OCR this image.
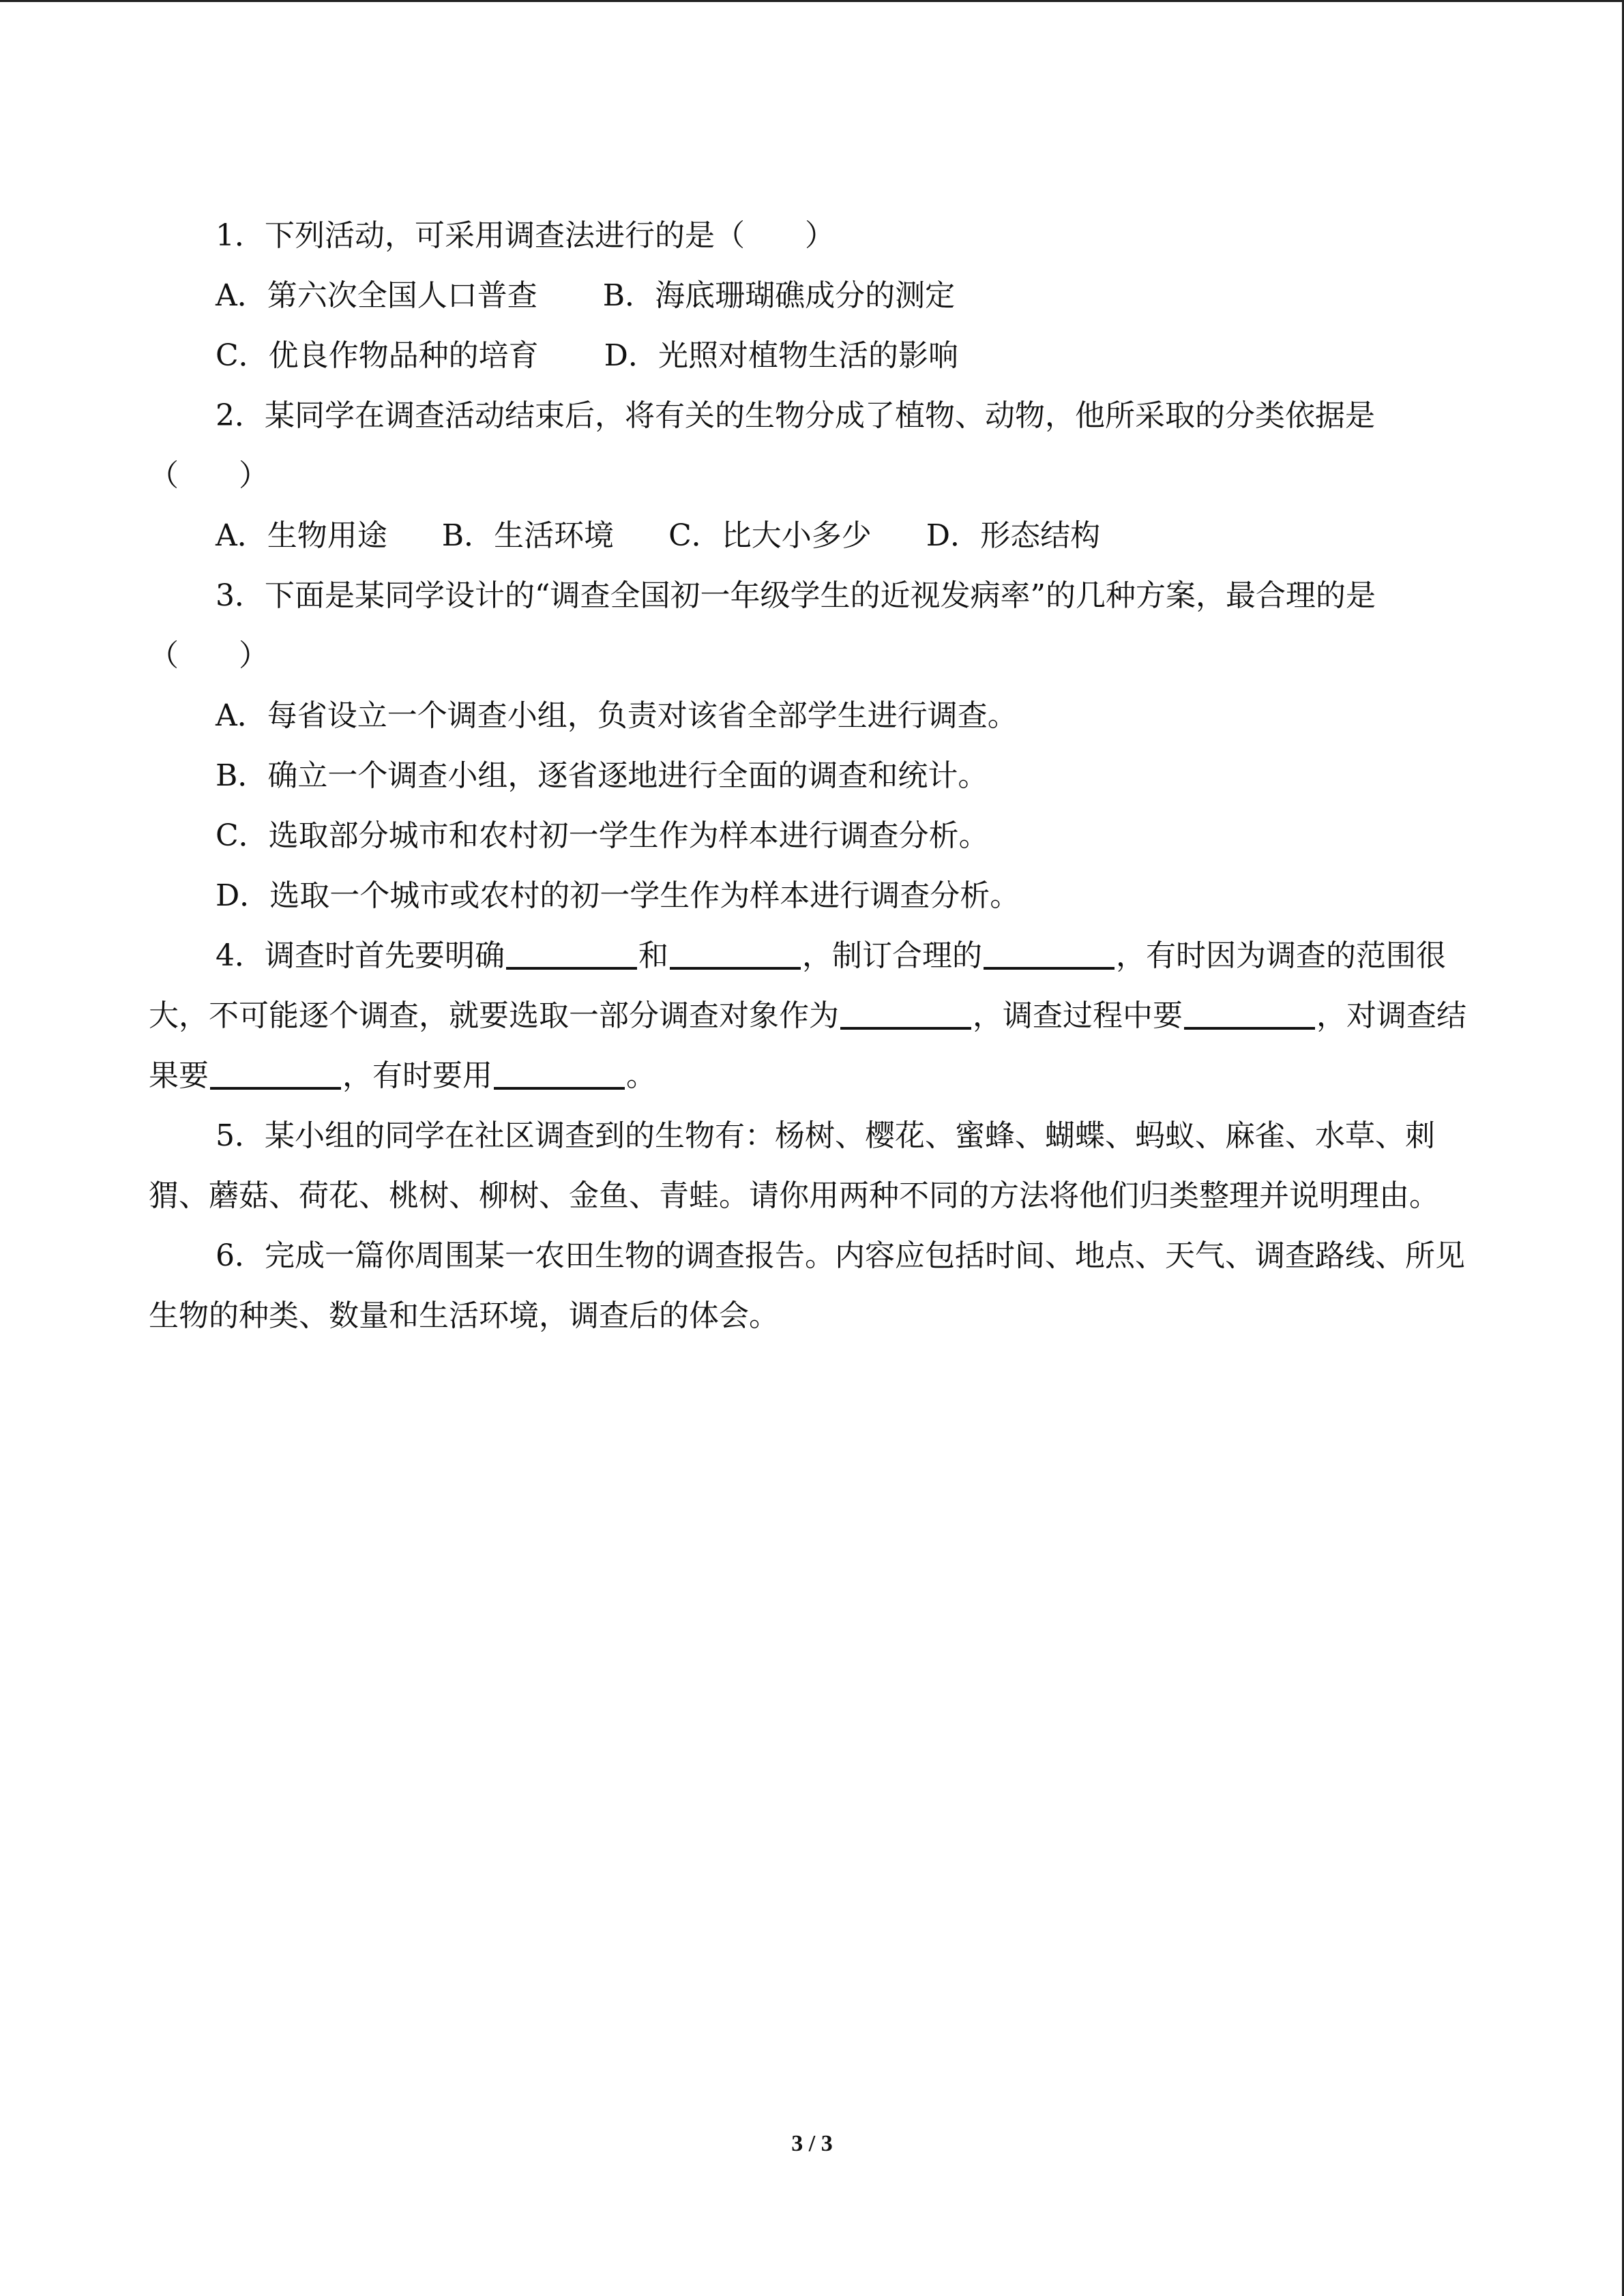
1．下列活动，可采用调查法进行的是（　　）

A．第六次全国人口普查 B．海底珊瑚礁成分的测定

C．优良作物品种的培育 D．光照对植物生活的影响

2．某同学在调查活动结束后，将有关的生物分成了植物、动物，他所采取的分类依据是（　　）

A．生物用途 B．生活环境 C．比大小多少 D．形态结构

3．下面是某同学设计的“调查全国初一年级学生的近视发病率”的几种方案，最合理的是（　　）

A．每省设立一个调查小组，负责对该省全部学生进行调查。

B．确立一个调查小组，逐省逐地进行全面的调查和统计。

C．选取部分城市和农村初一学生作为样本进行调查分析。

D．选取一个城市或农村的初一学生作为样本进行调查分析。

4．调查时首先要明确	和	，制订合理的	，有时因为调查的范围很大，不可能逐个调查，就要选取一部分调查对象作为	，调查过程中要	，对调查结果要	，有时要用	。

5．某小组的同学在社区调查到的生物有：杨树、樱花、蜜蜂、蝴蝶、蚂蚁、麻雀、水草、刺猬、蘑菇、荷花、桃树、柳树、金鱼、青蛙。请你用两种不同的方法将他们归类整理并说明理由。

6．完成一篇你周围某一农田生物的调查报告。内容应包括时间、地点、天气、调查路线、所见生物的种类、数量和生活环境，调查后的体会。

3 / 3
